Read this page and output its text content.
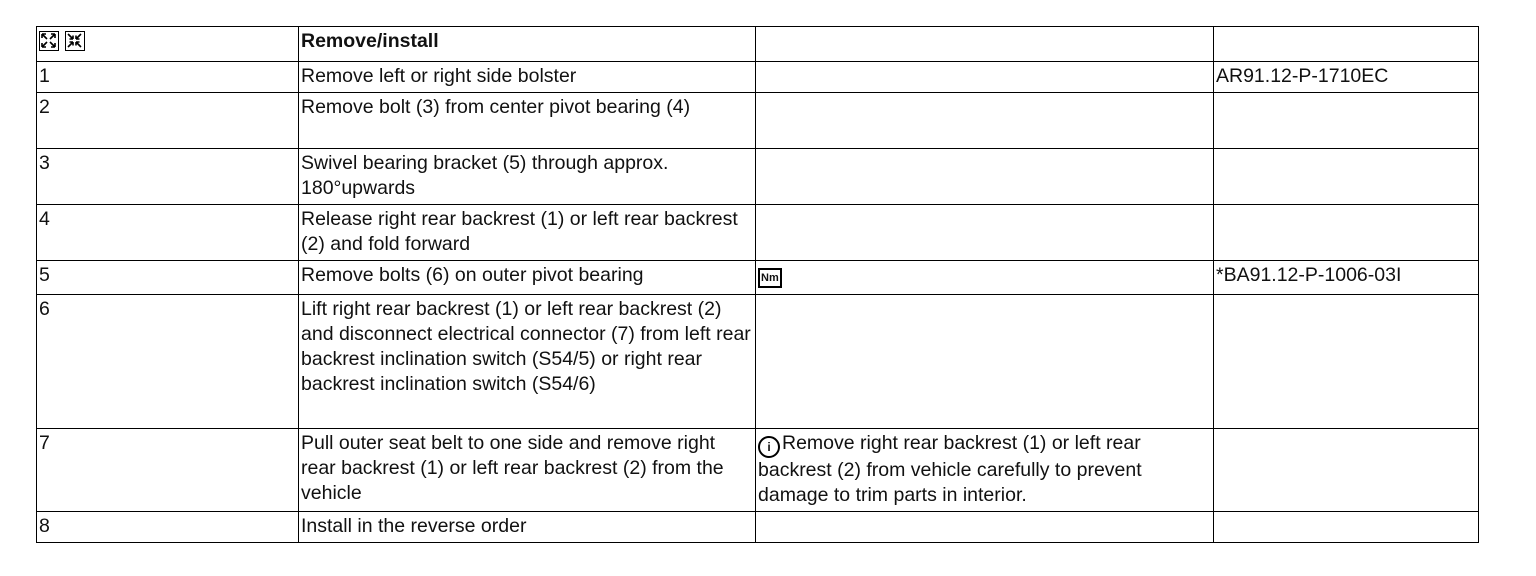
	Remove/install		
1	Remove left or right side bolster		AR91.12-P-1710EC
2	Remove bolt (3) from center pivot bearing (4)		
3	Swivel bearing bracket (5) through approx. 180°upwards		
4	Release right rear backrest (1) or left rear backrest (2) and fold forward		
5	Remove bolts (6) on outer pivot bearing	Nm	*BA91.12-P-1006-03I
6	Lift right rear backrest (1) or left rear backrest (2) and disconnect electrical connector (7) from left rear backrest inclination switch (S54/5) or right rear backrest inclination switch (S54/6)		
7	Pull outer seat belt to one side and remove right rear backrest (1) or left rear backrest (2) from the vehicle	i Remove right rear backrest (1) or left rear backrest (2) from vehicle carefully to prevent damage to trim parts in interior.	
8	Install in the reverse order		
